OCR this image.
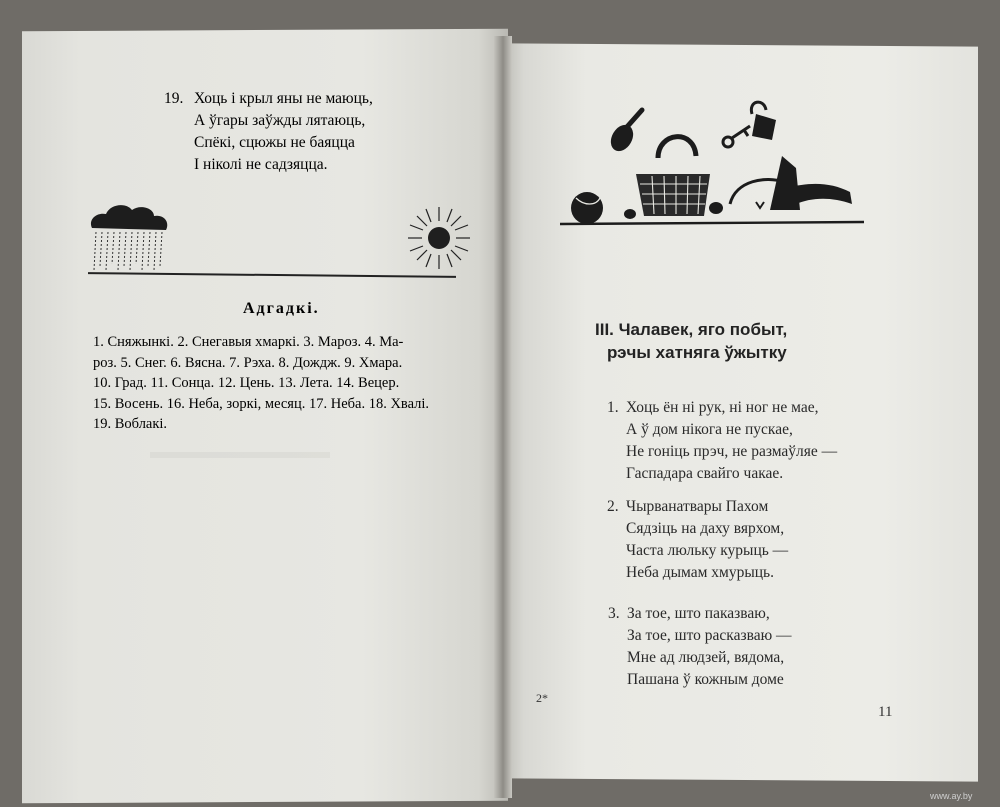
19. Хоць і крыл яны не маюць,
А ўгары заўжды лятаюць,
Спёкі, сцюжы не баяцца
І ніколі не садзяцца.
Адгадкі.
1. Сняжынкі. 2. Снегавыя хмаркі. 3. Мароз. 4. Ма-
роз. 5. Снег. 6. Вясна. 7. Рэха. 8. Дождж. 9. Хмара.
10. Град. 11. Сонца. 12. Цень. 13. Лета. 14. Вецер.
15. Восень. 16. Неба, зоркі, месяц. 17. Неба. 18. Хвалі.
19. Воблакі.
III. Чалавек, яго побыт,
рэчы хатняга ўжытку
1. Хоць ён ні рук, ні ног не мае,
А ў дом нікога не пускае,
Не гоніць прэч, не размаўляе —
Гаспадара свайго чакае.
2. Чырванатвары Пахом
Сядзіць на даху вярхом,
Часта люльку курыць —
Неба дымам хмурыць.
3. За тое, што паказваю,
За тое, што расказваю —
Мне ад людзей, вядома,
Пашана ў кожным доме
2*
11
www.ay.by
